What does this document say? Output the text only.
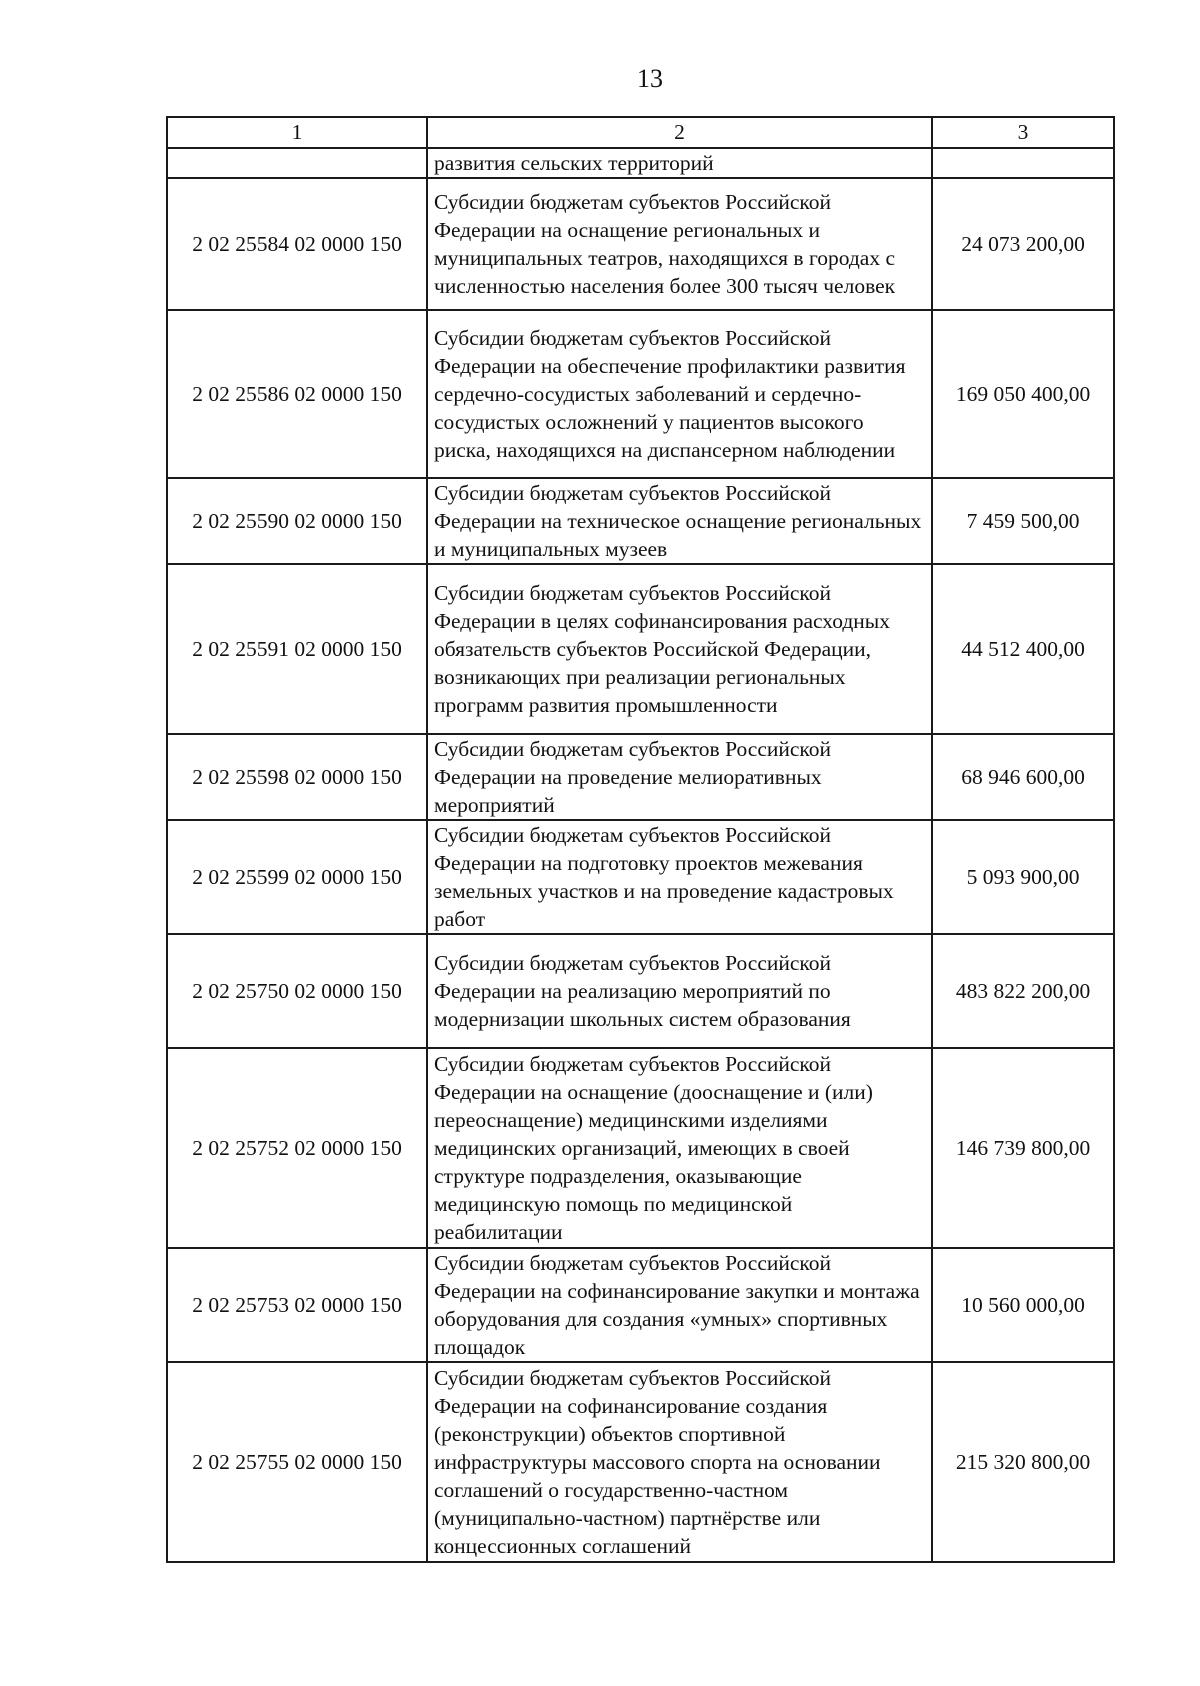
13
1	2	3
	развития сельских территорий	
2 02 25584 02 0000 150	Субсидии бюджетам субъектов Российской Федерации на оснащение региональных и муниципальных театров, находящихся в городах с численностью населения более 300 тысяч человек	24 073 200,00
2 02 25586 02 0000 150	Субсидии бюджетам субъектов Российской Федерации на обеспечение профилактики развития сердечно-сосудистых заболеваний и сердечно-сосудистых осложнений у пациентов высокого риска, находящихся на диспансерном наблюдении	169 050 400,00
2 02 25590 02 0000 150	Субсидии бюджетам субъектов Российской Федерации на техническое оснащение региональных и муниципальных музеев	7 459 500,00
2 02 25591 02 0000 150	Субсидии бюджетам субъектов Российской Федерации в целях софинансирования расходных обязательств субъектов Российской Федерации, возникающих при реализации региональных программ развития промышленности	44 512 400,00
2 02 25598 02 0000 150	Субсидии бюджетам субъектов Российской Федерации на проведение мелиоративных мероприятий	68 946 600,00
2 02 25599 02 0000 150	Субсидии бюджетам субъектов Российской Федерации на подготовку проектов межевания земельных участков и на проведение кадастровых работ	5 093 900,00
2 02 25750 02 0000 150	Субсидии бюджетам субъектов Российской Федерации на реализацию мероприятий по модернизации школьных систем образования	483 822 200,00
2 02 25752 02 0000 150	Субсидии бюджетам субъектов Российской Федерации на оснащение (дооснащение и (или) переоснащение) медицинскими изделиями медицинских организаций, имеющих в своей структуре подразделения, оказывающие медицинскую помощь по медицинской реабилитации	146 739 800,00
2 02 25753 02 0000 150	Субсидии бюджетам субъектов Российской Федерации на софинансирование закупки и монтажа оборудования для создания «умных» спортивных площадок	10 560 000,00
2 02 25755 02 0000 150	Субсидии бюджетам субъектов Российской Федерации на софинансирование создания (реконструкции) объектов спортивной инфраструктуры массового спорта на основании соглашений о государственно-частном (муниципально-частном) партнёрстве или концессионных соглашений	215 320 800,00
